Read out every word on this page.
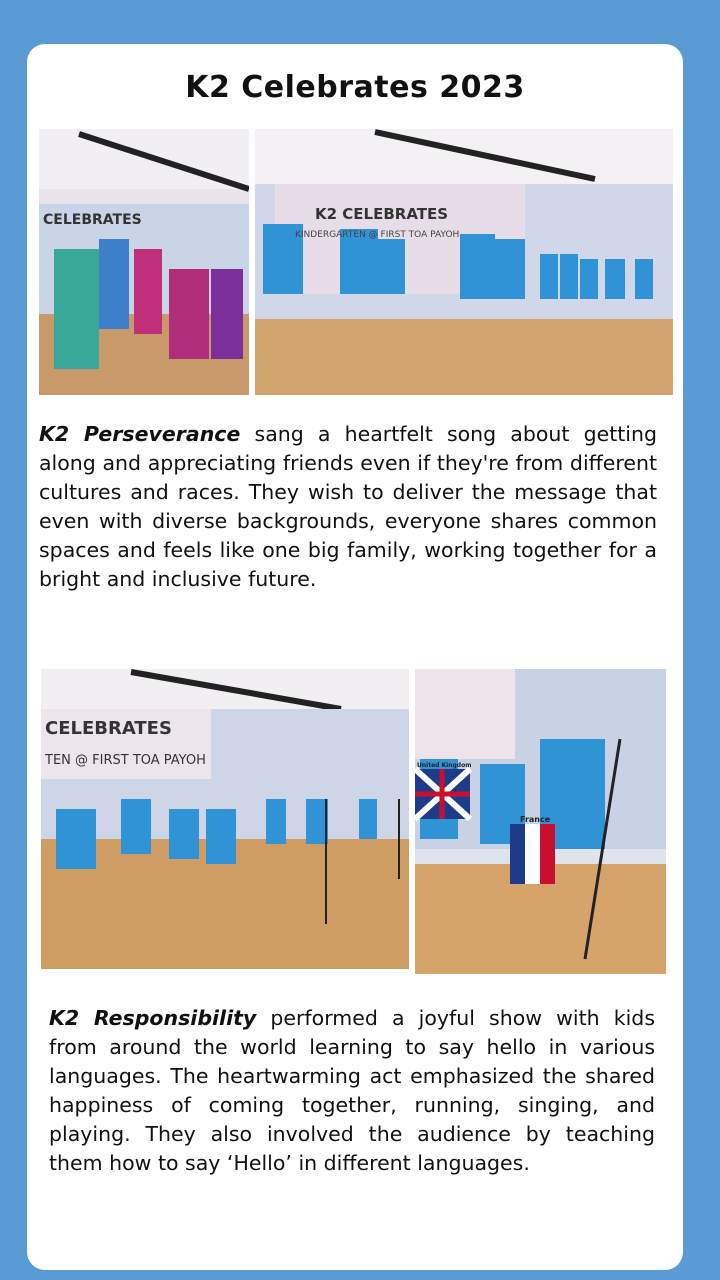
K2 Celebrates 2023
CELEBRATES	K2 CELEBRATES
KINDERGARTEN @ FIRST TOA PAYOH
K2 Perseverance sang a heartfelt song about getting along and appreciating friends even if they're from different cultures and races. They wish to deliver the message that even with diverse backgrounds, everyone shares common spaces and feels like one big family, working together for a bright and inclusive future.
CELEBRATES
TEN @ FIRST TOA PAYOH	United Kingdom
France
K2 Responsibility performed a joyful show with kids from around the world learning to say hello in various languages. The heartwarming act emphasized the shared happiness of coming together, running, singing, and playing. They also involved the audience by teaching them how to say ‘Hello’ in different languages.
